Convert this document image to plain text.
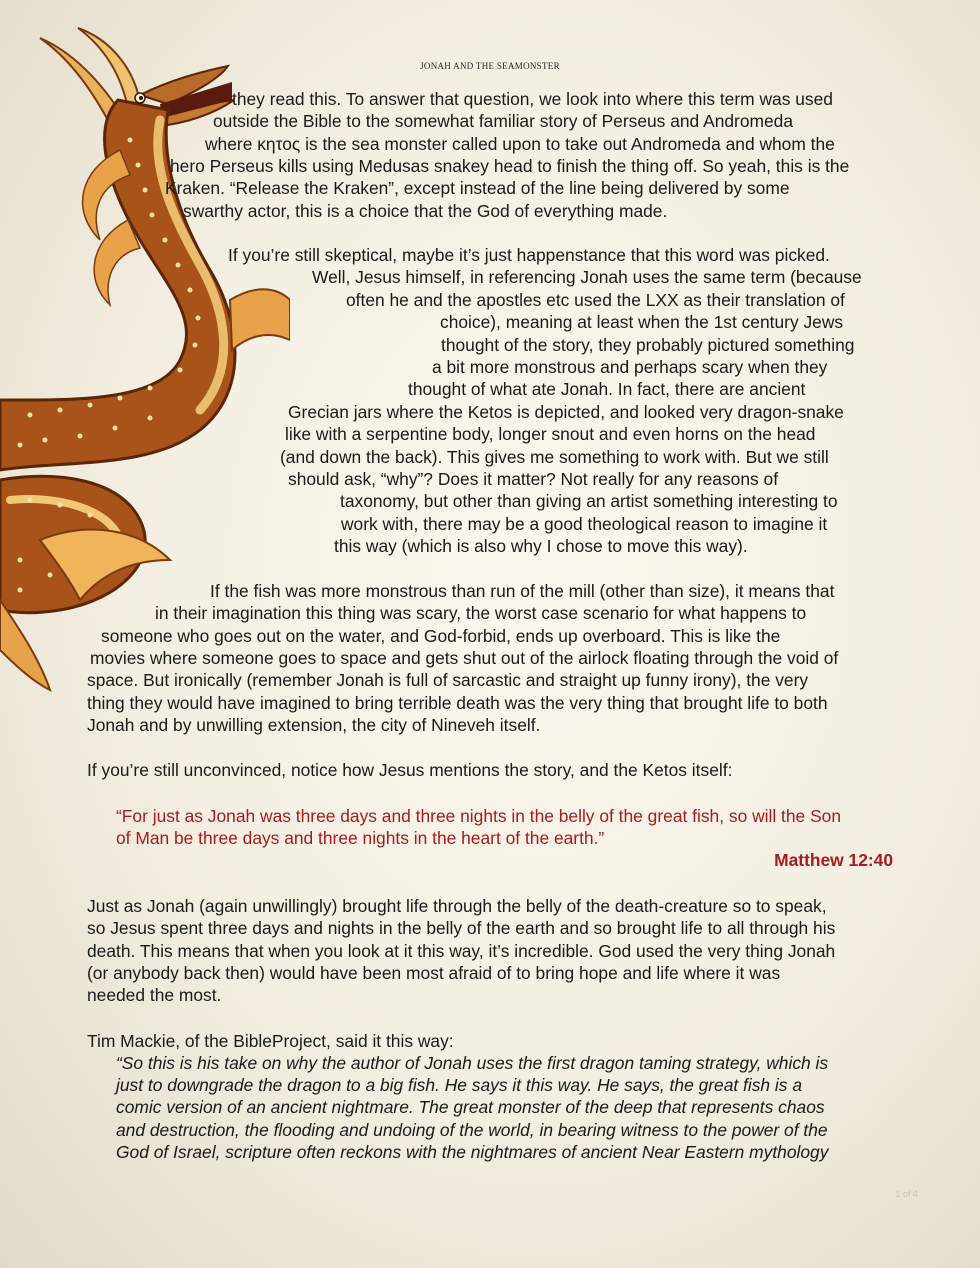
JONAH AND THE SEAMONSTER

they read this. To answer that question, we look into where this term was used

outside the Bible to the somewhat familiar story of Perseus and Andromeda

where κητος is the sea monster called upon to take out Andromeda and whom the

hero Perseus kills using Medusas snakey head to finish the thing off. So yeah, this is the

Kraken. “Release the Kraken”, except instead of the line being delivered by some

swarthy actor, this is a choice that the God of everything made.

If you’re still skeptical, maybe it’s just happenstance that this word was picked.

Well, Jesus himself, in referencing Jonah uses the same term (because

often he and the apostles etc used the LXX as their translation of

choice), meaning at least when the 1st century Jews

thought of the story, they probably pictured something

a bit more monstrous and perhaps scary when they

thought of what ate Jonah. In fact, there are ancient

Grecian jars where the Ketos is depicted, and looked very dragon-snake

like with a serpentine body, longer snout and even horns on the head

(and down the back). This gives me something to work with. But we still

should ask, “why”? Does it matter? Not really for any reasons of

taxonomy, but other than giving an artist something interesting to

work with, there may be a good theological reason to imagine it

this way (which is also why I chose to move this way).

If the fish was more monstrous than run of the mill (other than size), it means that

in their imagination this thing was scary, the worst case scenario for what happens to

someone who goes out on the water, and God-forbid, ends up overboard. This is like the

movies where someone goes to space and gets shut out of the airlock floating through the void of

space. But ironically (remember Jonah is full of sarcastic and straight up funny irony), the very

thing they would have imagined to bring terrible death was the very thing that brought life to both

Jonah and by unwilling extension, the city of Nineveh itself.

If you’re still unconvinced, notice how Jesus mentions the story, and the Ketos itself:

“For just as Jonah was three days and three nights in the belly of the great fish, so will the Son

of Man be three days and three nights in the heart of the earth.”

Matthew 12:40

Just as Jonah (again unwillingly) brought life through the belly of the death-creature so to speak,

so Jesus spent three days and nights in the belly of the earth and so brought life to all through his

death. This means that when you look at it this way, it’s incredible. God used the very thing Jonah

(or anybody back then) would have been most afraid of to bring hope and life where it was

needed the most.

Tim Mackie, of the BibleProject, said it this way:

“So this is his take on why the author of Jonah uses the first dragon taming strategy, which is

just to downgrade the dragon to a big fish. He says it this way. He says, the great fish is a

comic version of an ancient nightmare. The great monster of the deep that represents chaos

and destruction, the flooding and undoing of the world, in bearing witness to the power of the

God of Israel, scripture often reckons with the nightmares of ancient Near Eastern mythology

1 of 4
